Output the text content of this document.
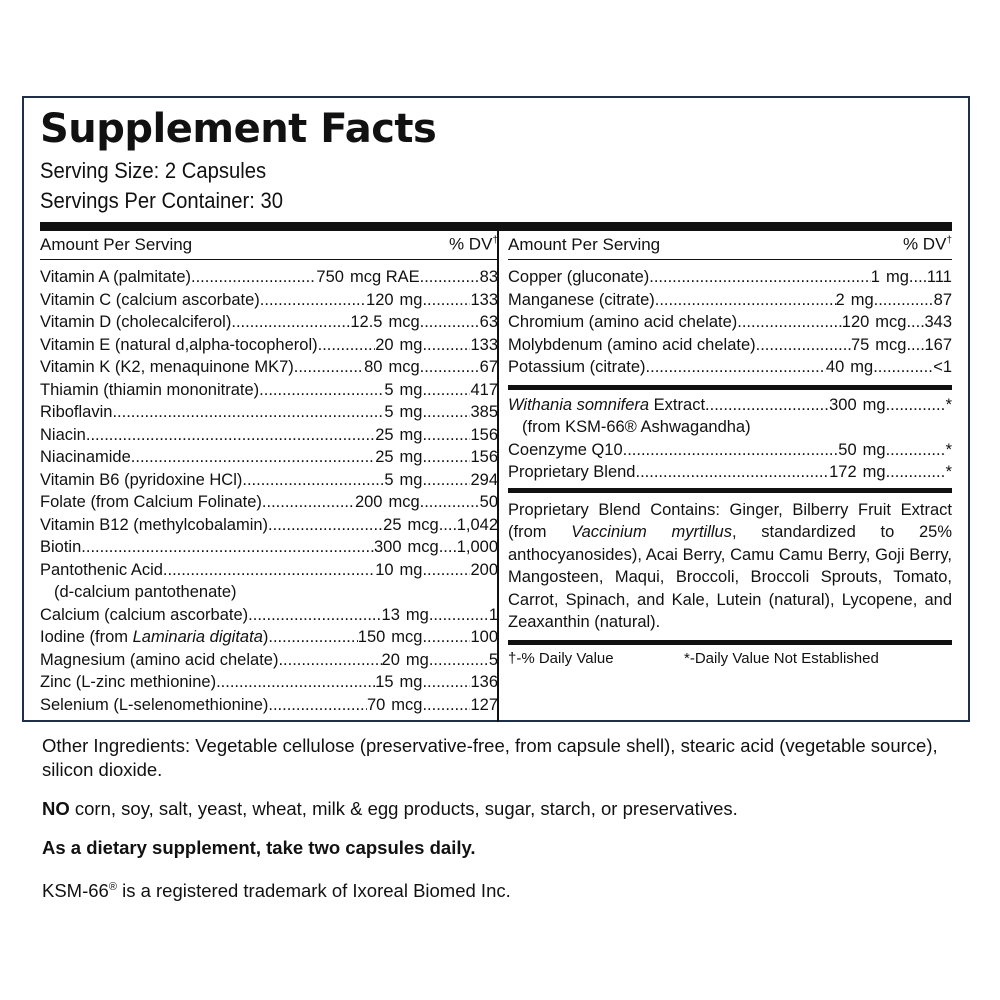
Supplement Facts
Serving Size: 2 Capsules
Servings Per Container: 30
Amount Per Serving	% DV†
Vitamin A (palmitate) .....	750 mcg RAE .....	83
Vitamin C (calcium ascorbate) .....	120 mg .....	133
Vitamin D (cholecalciferol) .....	12.5 mcg .....	63
Vitamin E (natural d,alpha-tocopherol) .....	20 mg .....	133
Vitamin K (K2, menaquinone MK7) .....	80 mcg .....	67
Thiamin (thiamin mononitrate) .....	5 mg .....	417
Riboflavin .....	5 mg .....	385
Niacin .....	25 mg .....	156
Niacinamide .....	25 mg .....	156
Vitamin B6 (pyridoxine HCl) .....	5 mg .....	294
Folate (from Calcium Folinate) .....	200 mcg .....	50
Vitamin B12 (methylcobalamin) .....	25 mcg ..... 1,042
Biotin .....	300 mcg ..... 1,000
Pantothenic Acid .....	10 mg .....	200
(d-calcium pantothenate)
Calcium (calcium ascorbate) .....	13 mg .....	1
Iodine (from Laminaria digitata) .....	150 mcg .....	100
Magnesium (amino acid chelate) .....	20 mg .....	5
Zinc (L-zinc methionine) .....	15 mg .....	136
Selenium (L-selenomethionine) .....	70 mcg .....	127
Amount Per Serving	% DV†
Copper (gluconate) .....	1 mg ..... 111
Manganese (citrate) .....	2 mg .....	87
Chromium (amino acid chelate) .....	120 mcg ..... 343
Molybdenum (amino acid chelate) .....	75 mcg ..... 167
Potassium (citrate) .....	40 mg .....	<1
Withania somnifera Extract .....	300 mg .....	*
(from KSM-66® Ashwagandha)
Coenzyme Q10 .....	50 mg .....	*
Proprietary Blend .....	172 mg .....	*
Proprietary Blend Contains: Ginger, Bilberry Fruit Extract (from Vaccinium myrtillus, standardized to 25% anthocyanosides), Acai Berry, Camu Camu Berry, Goji Berry, Mangosteen, Maqui, Broccoli, Broccoli Sprouts, Tomato, Carrot, Spinach, and Kale, Lutein (natural), Lycopene, and Zeaxanthin (natural).
†-% Daily Value	*-Daily Value Not Established
Other Ingredients: Vegetable cellulose (preservative-free, from capsule shell), stearic acid (vegetable source), silicon dioxide.
NO corn, soy, salt, yeast, wheat, milk & egg products, sugar, starch, or preservatives.
As a dietary supplement, take two capsules daily.
KSM-66® is a registered trademark of Ixoreal Biomed Inc.
